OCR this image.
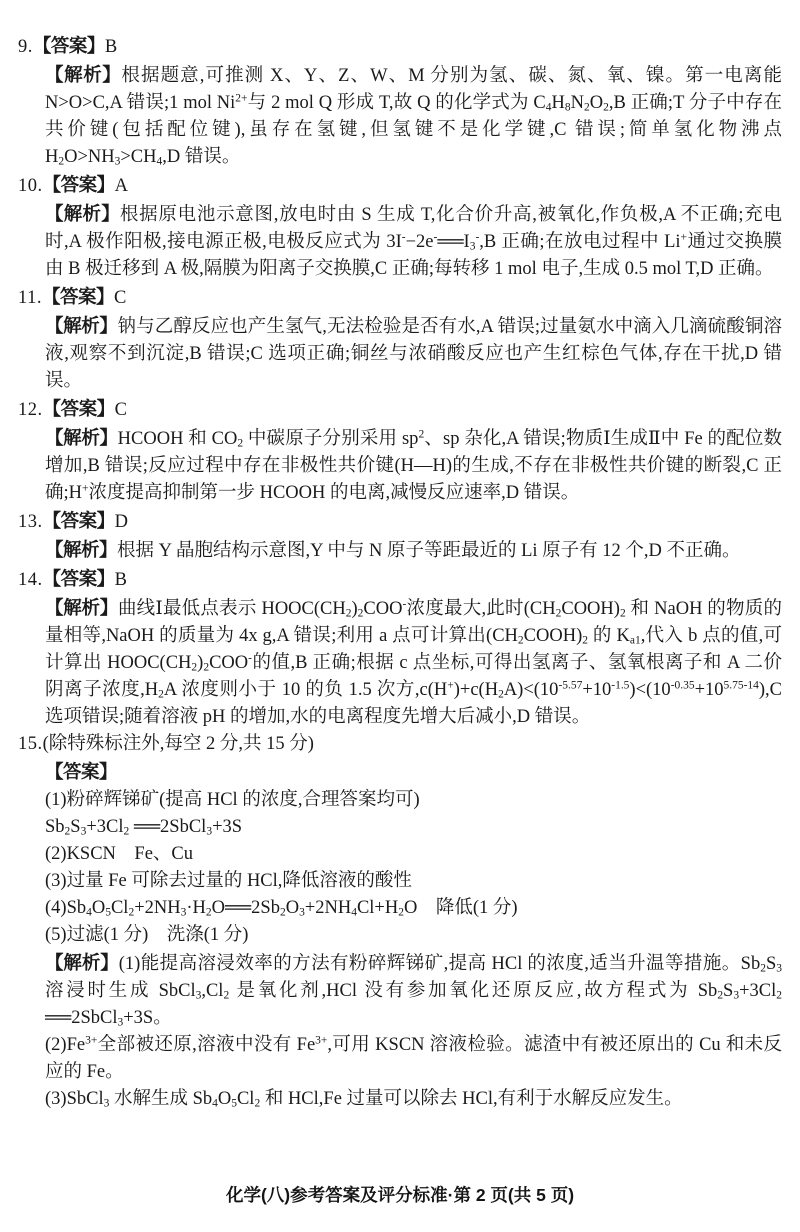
9.【答案】B
【解析】根据题意,可推测 X、Y、Z、W、M 分别为氢、碳、氮、氧、镍。第一电离能 N>O>C,A 错误;1 mol $Ni^{2+}$与 2 mol Q 形成 T,故 Q 的化学式为 $C_4H_8N_2O_2,B$ 正确;T 分子中存在共价键(包括配位键),虽存在氢键,但氢键不是化学键,C 错误;简单氢化物沸点 $H_2O>NH_3>CH_4,D$ 错误。
10.【答案】A
【解析】根据原电池示意图,放电时由 S 生成 T,化合价升高,被氧化,作负极,A 不正确;充电时,A 极作阳极,接电源正极,电极反应式为 $3I^--2e^-══I_3^-,B$ 正确;在放电过程中 Li+通过交换膜由 B 极迁移到 A 极,隔膜为阳离子交换膜,C 正确;每转移 1 mol 电子,生成 0.5 mol T,D 正确。
11.【答案】C
【解析】钠与乙醇反应也产生氢气,无法检验是否有水,A 错误;过量氨水中滴入几滴硫酸铜溶液,观察不到沉淀,B 错误;C 选项正确;铜丝与浓硝酸反应也产生红棕色气体,存在干扰,D 错误。
12.【答案】C
【解析】HCOOH 和 $CO_2$ 中碳原子分别采用 $sp^2$、sp 杂化,A 错误;物质Ⅰ生成Ⅱ中 Fe 的配位数增加,B 错误;反应过程中存在非极性共价键(H—H)的生成,不存在非极性共价键的断裂,C 正确;H+浓度提高抑制第一步 HCOOH 的电离,减慢反应速率,D 错误。
13.【答案】D
【解析】根据 Y 晶胞结构示意图,Y 中与 N 原子等距最近的 Li 原子有 12 个,D 不正确。
14.【答案】B
【解析】曲线Ⅰ最低点表示 $HOOC(CH_2)_2COO^-$浓度最大,此时$(CH_2COOH)_2$ 和 NaOH 的物质的量相等,NaOH 的质量为 4x g,A 错误;利用 a 点可计算出$(CH_2COOH)_2$ 的 $K_{a1}$,代入 b 点的值,可计算出 $HOOC(CH_2)_2COO^-$的值,B 正确;根据 c 点坐标,可得出氢离子、氢氧根离子和 A 二价阴离子浓度$,H_2A$ 浓度则小于 10 的负 1.5 次方$,c(H^+)+c(H_2A)<(10^{-5.57}+10^{-1.5})<(10^{-0.35}+10^{5.75-14}),C$ 选项错误;随着溶液 pH 的增加,水的电离程度先增大后减小,D 错误。
15.(除特殊标注外,每空 2 分,共 15 分)
【答案】
(1)粉碎辉锑矿(提高 HCl 的浓度,合理答案均可)
$Sb_2S_3+3Cl_2$ ══2SbCl$_3$+3S
(2)KSCN　Fe、Cu
(3)过量 Fe 可除去过量的 HCl,降低溶液的酸性
$(4)Sb_4O_5Cl_2+2NH_3\cdot H_2O══2Sb_2O_3+2NH_4Cl+H_2O$　降低(1 分)
(5)过滤(1 分)　洗涤(1 分)
【解析】(1)能提高溶浸效率的方法有粉碎辉锑矿,提高 HCl 的浓度,适当升温等措施。$Sb_2S_3$ 溶浸时生成 $SbCl_3,Cl_2$ 是氧化剂,HCl 没有参加氧化还原反应,故方程式为 $Sb_2S_3+3Cl_2$ ══2SbCl$_3$+3S。
$(2)Fe^{3+}$全部被还原,溶液中没有 $Fe^{3+}$,可用 KSCN 溶液检验。滤渣中有被还原出的 Cu 和未反应的 Fe。
(3)SbCl$_3$ 水解生成 $Sb_4O_5Cl_2$ 和 HCl,Fe 过量可以除去 HCl,有利于水解反应发生。
化学(八)参考答案及评分标准·第 2 页(共 5 页)
